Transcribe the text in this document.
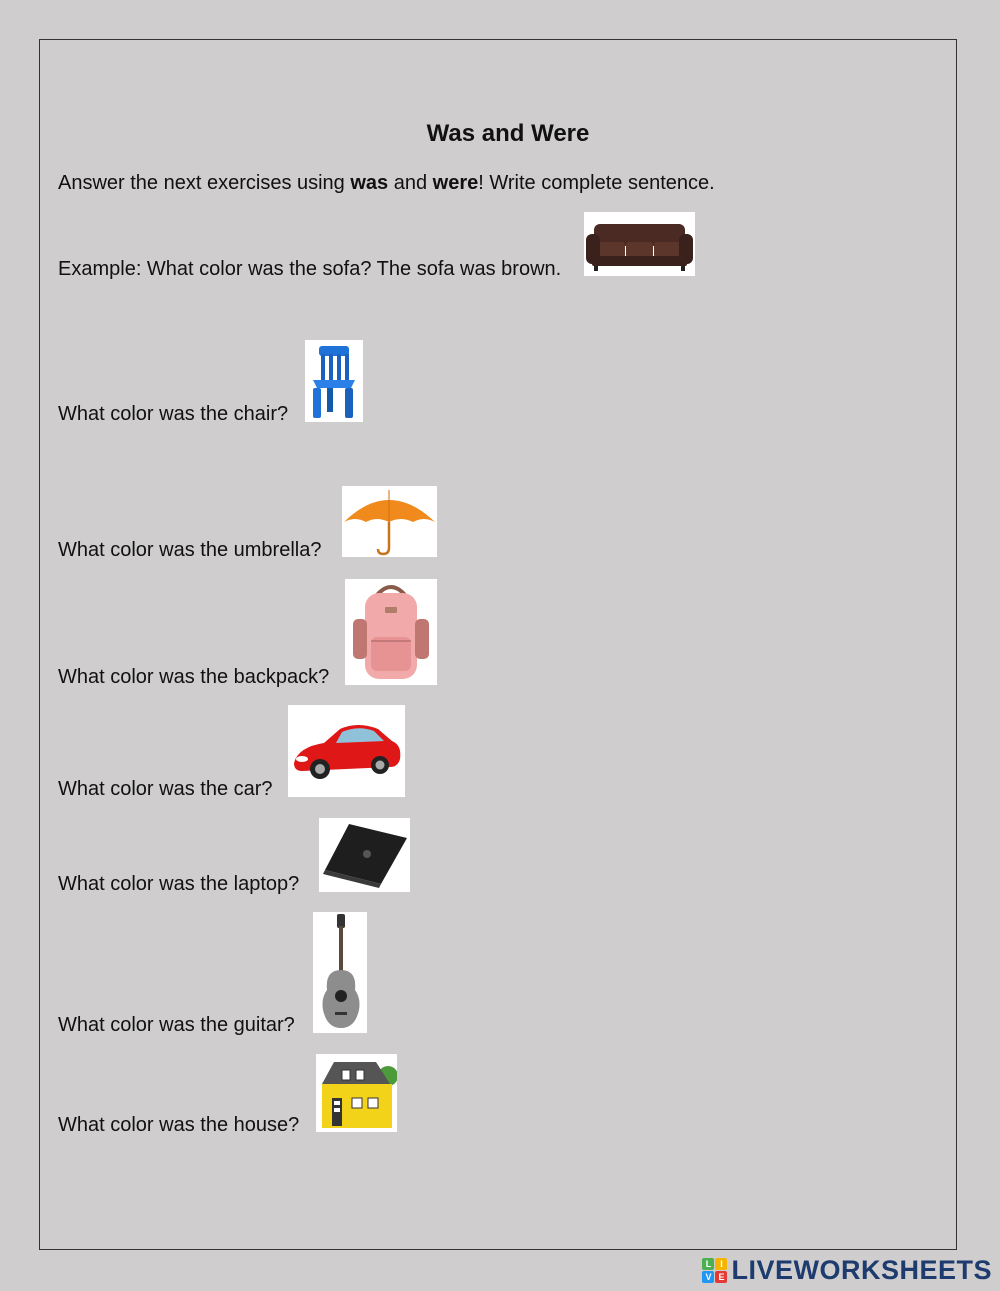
Was and Were
Answer the next exercises using was and were! Write complete sentence.
Example: What color was the sofa? The sofa was brown.
What color was the chair?
What color was the umbrella?
What color was the backpack?
What color was the car?
What color was the laptop?
What color was the guitar?
What color was the house?
L I
V E LIVEWORKSHEETS
